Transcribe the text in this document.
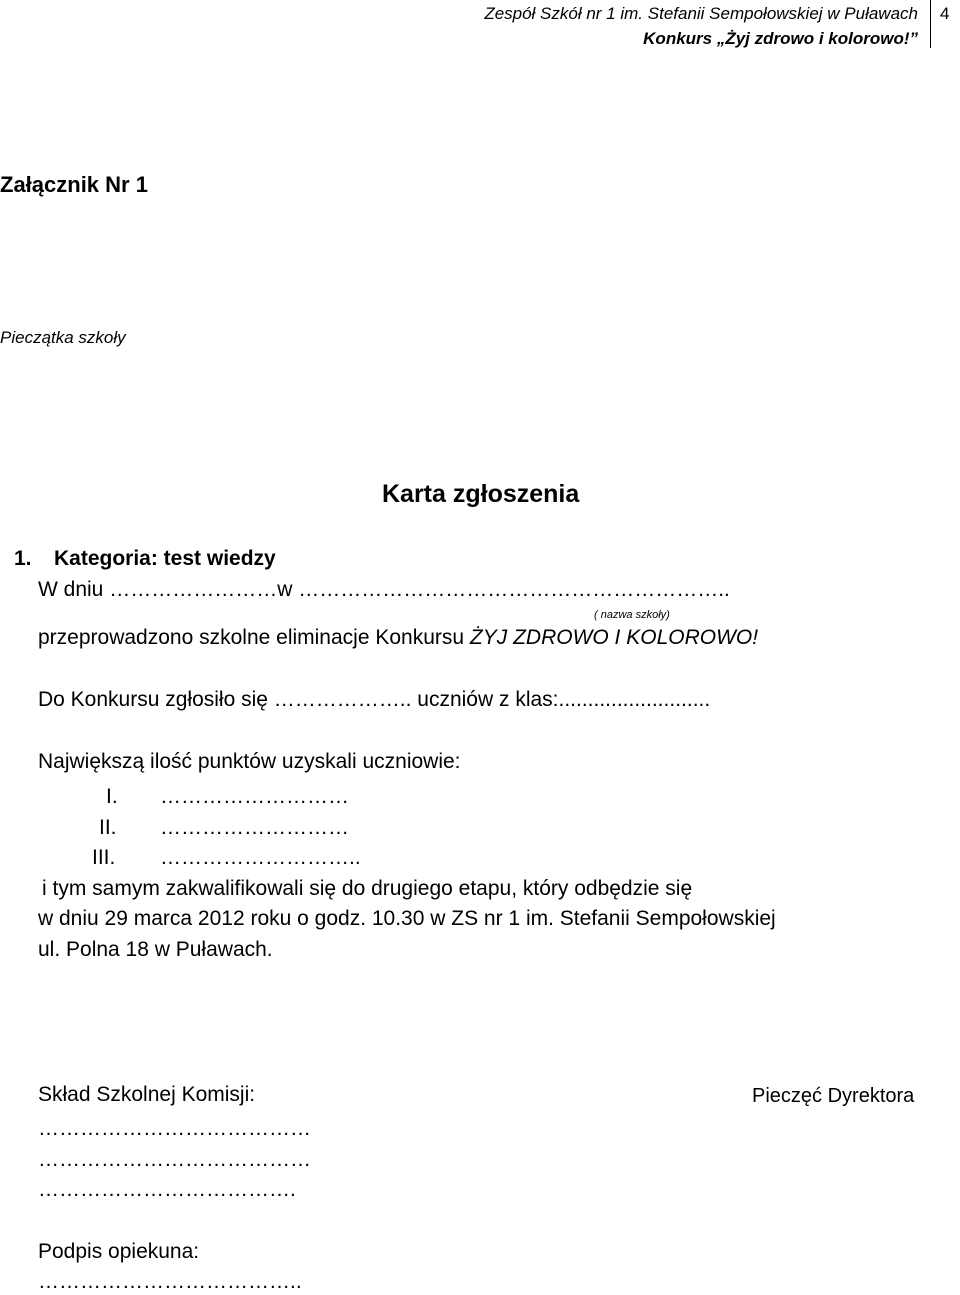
Zespół Szkół nr 1 im. Stefanii Sempołowskiej w Puławach
Konkurs „Żyj zdrowo i kolorowo!”
4
Załącznik Nr 1
Pieczątka szkoły
Karta zgłoszenia
1. Kategoria: test wiedzy
W dniu ……………………w ……………………………………………………..
( nazwa szkoły)
przeprowadzono szkolne eliminacje Konkursu ŻYJ ZDROWO I KOLOROWO!
Do Konkursu zgłosiło się ……………….. uczniów z klas:..........................
Największą ilość punktów uzyskali uczniowie:
I. ………………………
II. ………………………
III. ………………………..
i tym samym zakwalifikowali się do drugiego etapu, który odbędzie się
w dniu 29 marca 2012 roku o godz. 10.30 w ZS nr 1 im. Stefanii Sempołowskiej
ul. Polna 18 w Puławach.
Skład Szkolnej Komisji:	Pieczęć Dyrektora
…………………………………
…………………………………
……………………………….
Podpis opiekuna:
………………………………..
